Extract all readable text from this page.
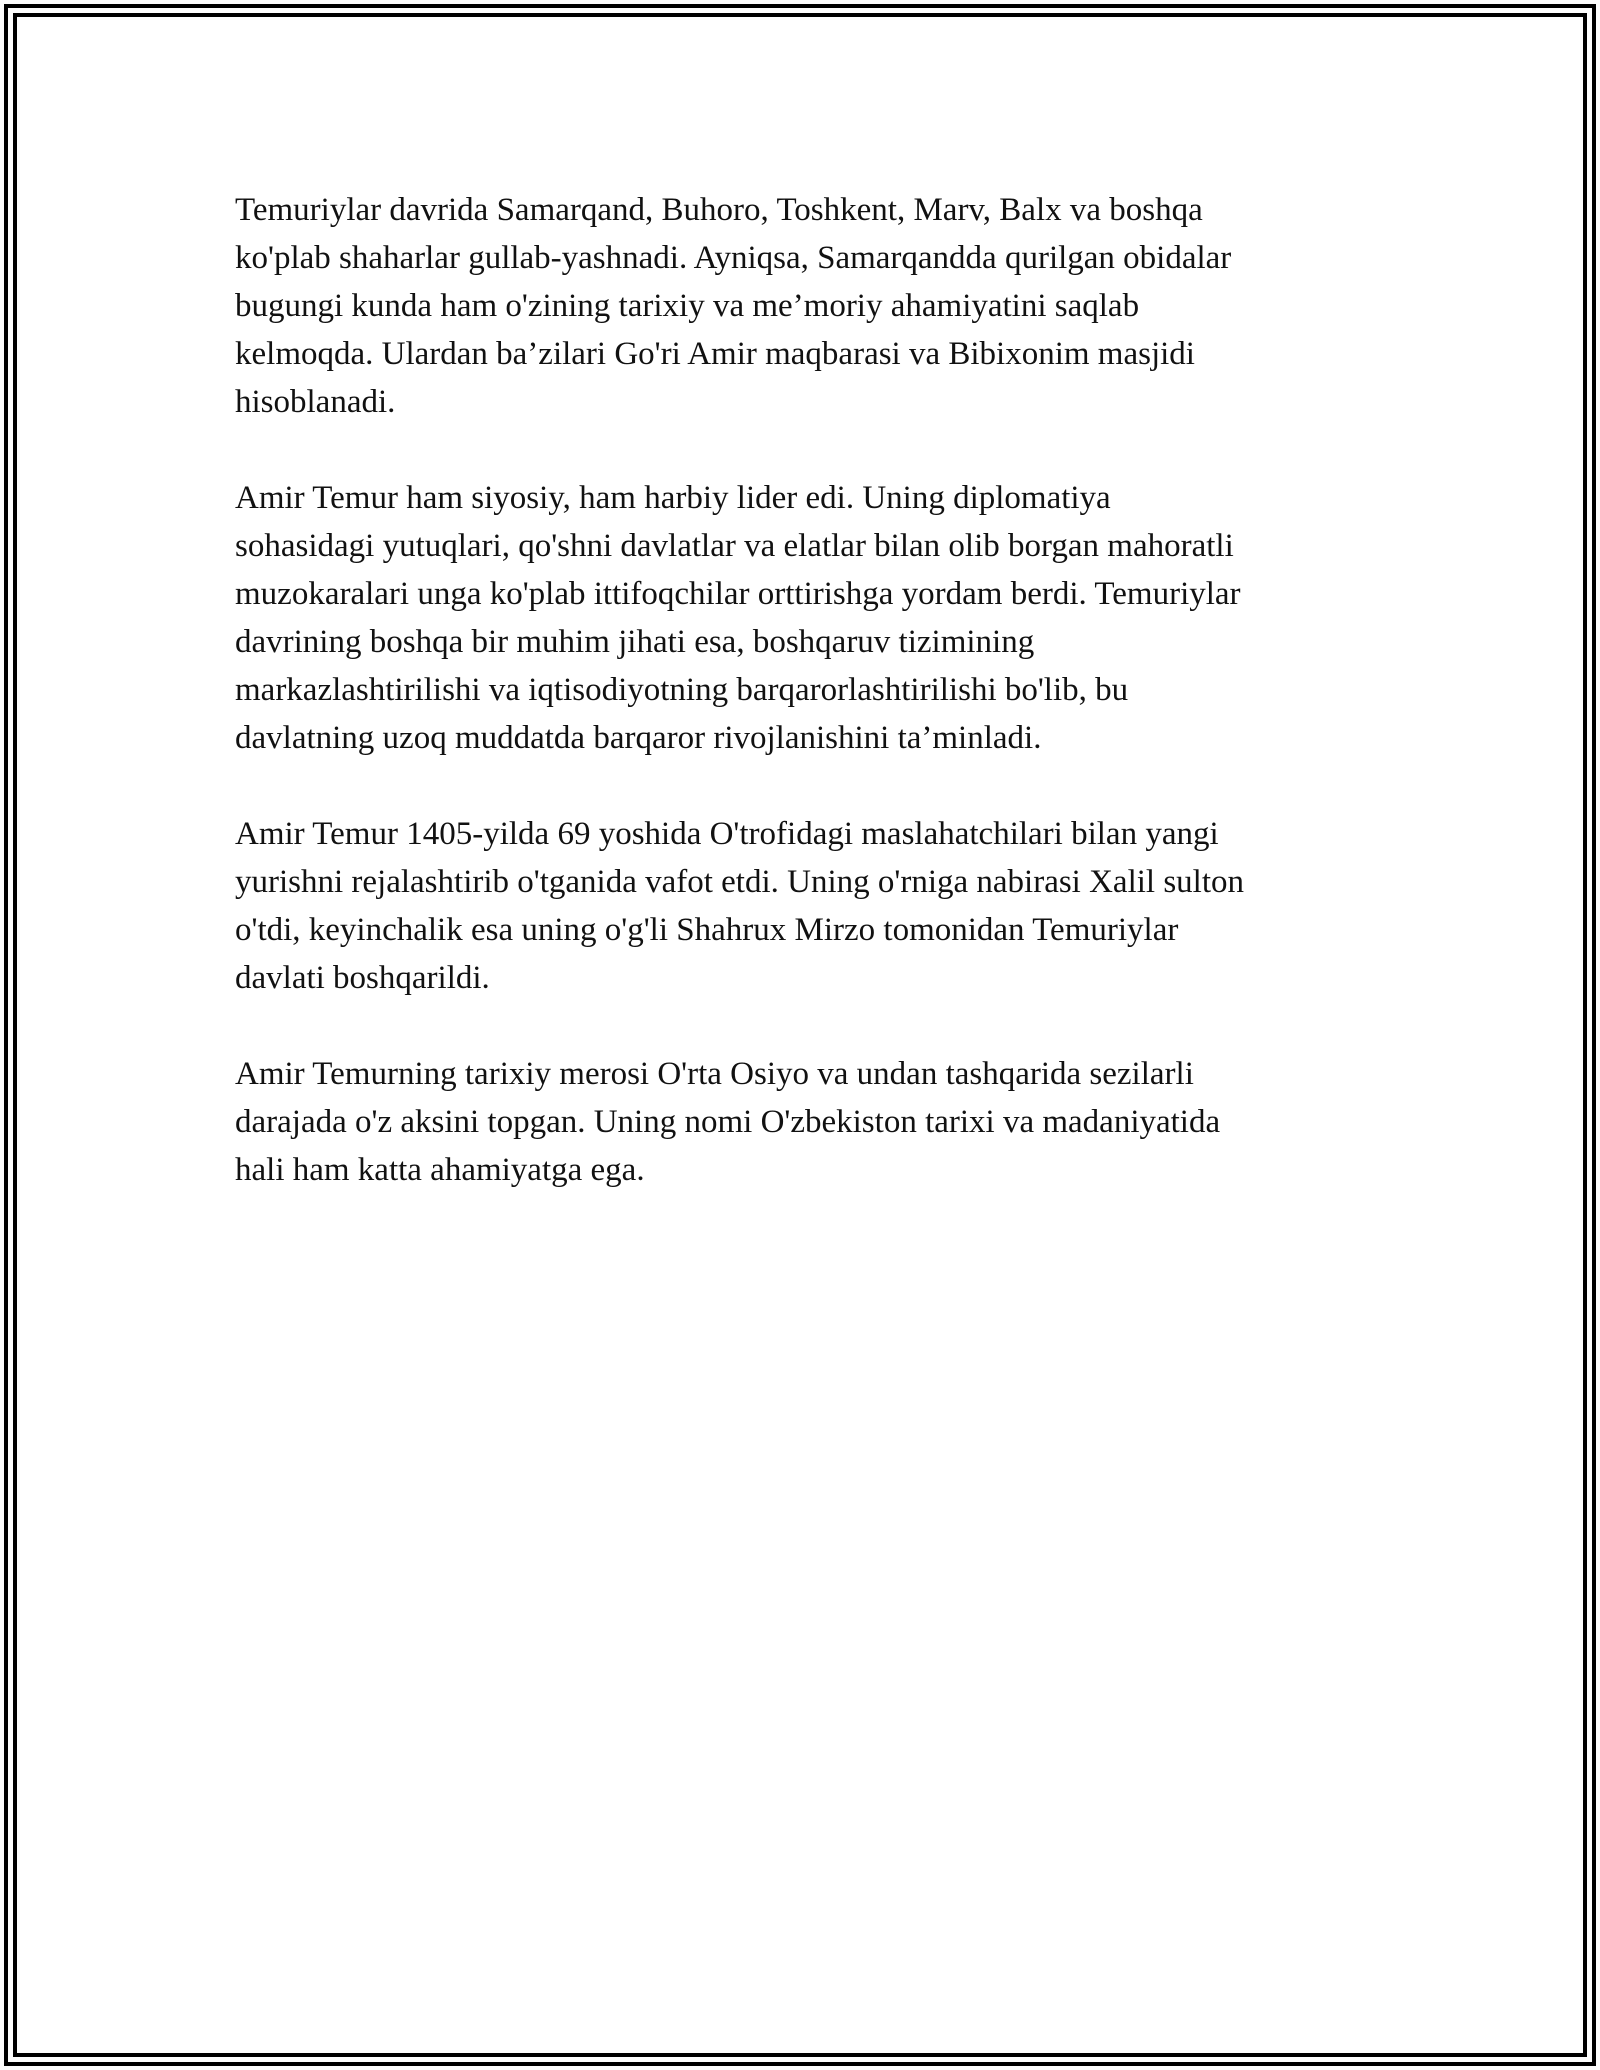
Temuriylar davrida Samarqand, Buhoro, Toshkent, Marv, Balx va boshqa
ko'plab shaharlar gullab-yashnadi. Ayniqsa, Samarqandda qurilgan obidalar
bugungi kunda ham o'zining tarixiy va me’moriy ahamiyatini saqlab
kelmoqda. Ulardan ba’zilari Go'ri Amir maqbarasi va Bibixonim masjidi
hisoblanadi.

Amir Temur ham siyosiy, ham harbiy lider edi. Uning diplomatiya
sohasidagi yutuqlari, qo'shni davlatlar va elatlar bilan olib borgan mahoratli
muzokaralari unga ko'plab ittifoqchilar orttirishga yordam berdi. Temuriylar
davrining boshqa bir muhim jihati esa, boshqaruv tizimining
markazlashtirilishi va iqtisodiyotning barqarorlashtirilishi bo'lib, bu
davlatning uzoq muddatda barqaror rivojlanishini ta’minladi.

Amir Temur 1405-yilda 69 yoshida O'trofidagi maslahatchilari bilan yangi
yurishni rejalashtirib o'tganida vafot etdi. Uning o'rniga nabirasi Xalil sulton
o'tdi, keyinchalik esa uning o'g'li Shahrux Mirzo tomonidan Temuriylar
davlati boshqarildi.

Amir Temurning tarixiy merosi O'rta Osiyo va undan tashqarida sezilarli
darajada o'z aksini topgan. Uning nomi O'zbekiston tarixi va madaniyatida
hali ham katta ahamiyatga ega.
